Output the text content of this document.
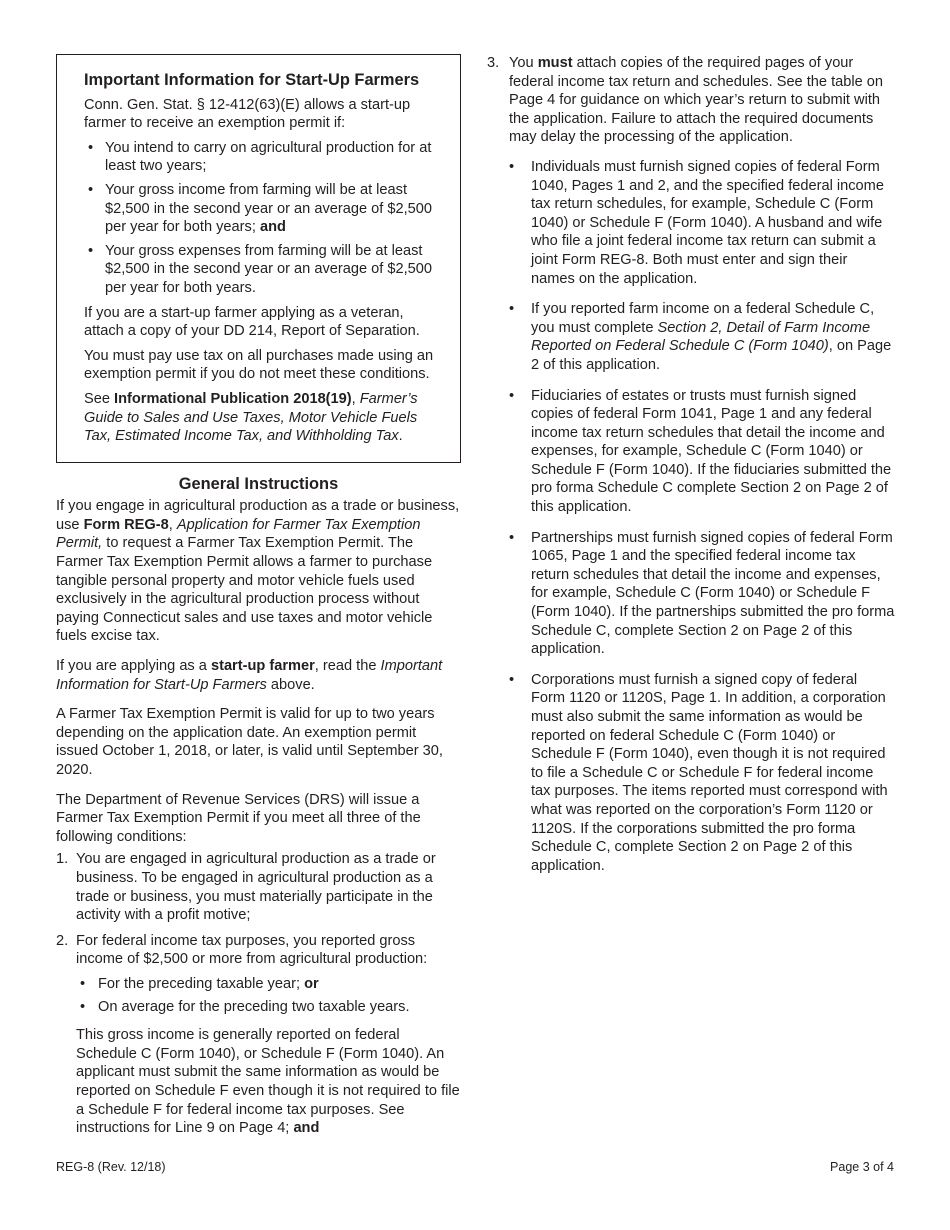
Important Information for Start-Up Farmers

Conn. Gen. Stat. § 12-412(63)(E) allows a start-up farmer to receive an exemption permit if:

• You intend to carry on agricultural production for at least two years;
• Your gross income from farming will be at least $2,500 in the second year or an average of $2,500 per year for both years; and
• Your gross expenses from farming will be at least $2,500 in the second year or an average of $2,500 per year for both years.

If you are a start-up farmer applying as a veteran, attach a copy of your DD 214, Report of Separation.

You must pay use tax on all purchases made using an exemption permit if you do not meet these conditions.

See Informational Publication 2018(19), Farmer’s Guide to Sales and Use Taxes, Motor Vehicle Fuels Tax, Estimated Income Tax, and Withholding Tax.

General Instructions

If you engage in agricultural production as a trade or business, use Form REG-8, Application for Farmer Tax Exemption Permit, to request a Farmer Tax Exemption Permit. The Farmer Tax Exemption Permit allows a farmer to purchase tangible personal property and motor vehicle fuels used exclusively in the agricultural production process without paying Connecticut sales and use taxes and motor vehicle fuels excise tax.

If you are applying as a start-up farmer, read the Important Information for Start-Up Farmers above.

A Farmer Tax Exemption Permit is valid for up to two years depending on the application date. An exemption permit issued October 1, 2018, or later, is valid until September 30, 2020.

The Department of Revenue Services (DRS) will issue a Farmer Tax Exemption Permit if you meet all three of the following conditions:

1. You are engaged in agricultural production as a trade or business. To be engaged in agricultural production as a trade or business, you must materially participate in the activity with a profit motive;
2. For federal income tax purposes, you reported gross income of $2,500 or more from agricultural production:
• For the preceding taxable year; or
• On average for the preceding two taxable years.

This gross income is generally reported on federal Schedule C (Form 1040), or Schedule F (Form 1040). An applicant must submit the same information as would be reported on Schedule F even though it is not required to file a Schedule F for federal income tax purposes. See instructions for Line 9 on Page 4; and

3. You must attach copies of the required pages of your federal income tax return and schedules. See the table on Page 4 for guidance on which year’s return to submit with the application. Failure to attach the required documents may delay the processing of the application.

• Individuals must furnish signed copies of federal Form 1040, Pages 1 and 2, and the specified federal income tax return schedules, for example, Schedule C (Form 1040) or Schedule F (Form 1040). A husband and wife who file a joint federal income tax return can submit a joint Form REG-8. Both must enter and sign their names on the application.
• If you reported farm income on a federal Schedule C, you must complete Section 2, Detail of Farm Income Reported on Federal Schedule C (Form 1040), on Page 2 of this application.
• Fiduciaries of estates or trusts must furnish signed copies of federal Form 1041, Page 1 and any federal income tax return schedules that detail the income and expenses, for example, Schedule C (Form 1040) or Schedule F (Form 1040). If the fiduciaries submitted the pro forma Schedule C complete Section 2 on Page 2 of this application.
• Partnerships must furnish signed copies of federal Form 1065, Page 1 and the specified federal income tax return schedules that detail the income and expenses, for example, Schedule C (Form 1040) or Schedule F (Form 1040). If the partnerships submitted the pro forma Schedule C, complete Section 2 on Page 2 of this application.
• Corporations must furnish a signed copy of federal Form 1120 or 1120S, Page 1. In addition, a corporation must also submit the same information as would be reported on federal Schedule C (Form 1040) or Schedule F (Form 1040), even though it is not required to file a Schedule C or Schedule F for federal income tax purposes. The items reported must correspond with what was reported on the corporation’s Form 1120 or 1120S. If the corporations submitted the pro forma Schedule C, complete Section 2 on Page 2 of this application.
REG-8 (Rev. 12/18)	Page 3 of 4
